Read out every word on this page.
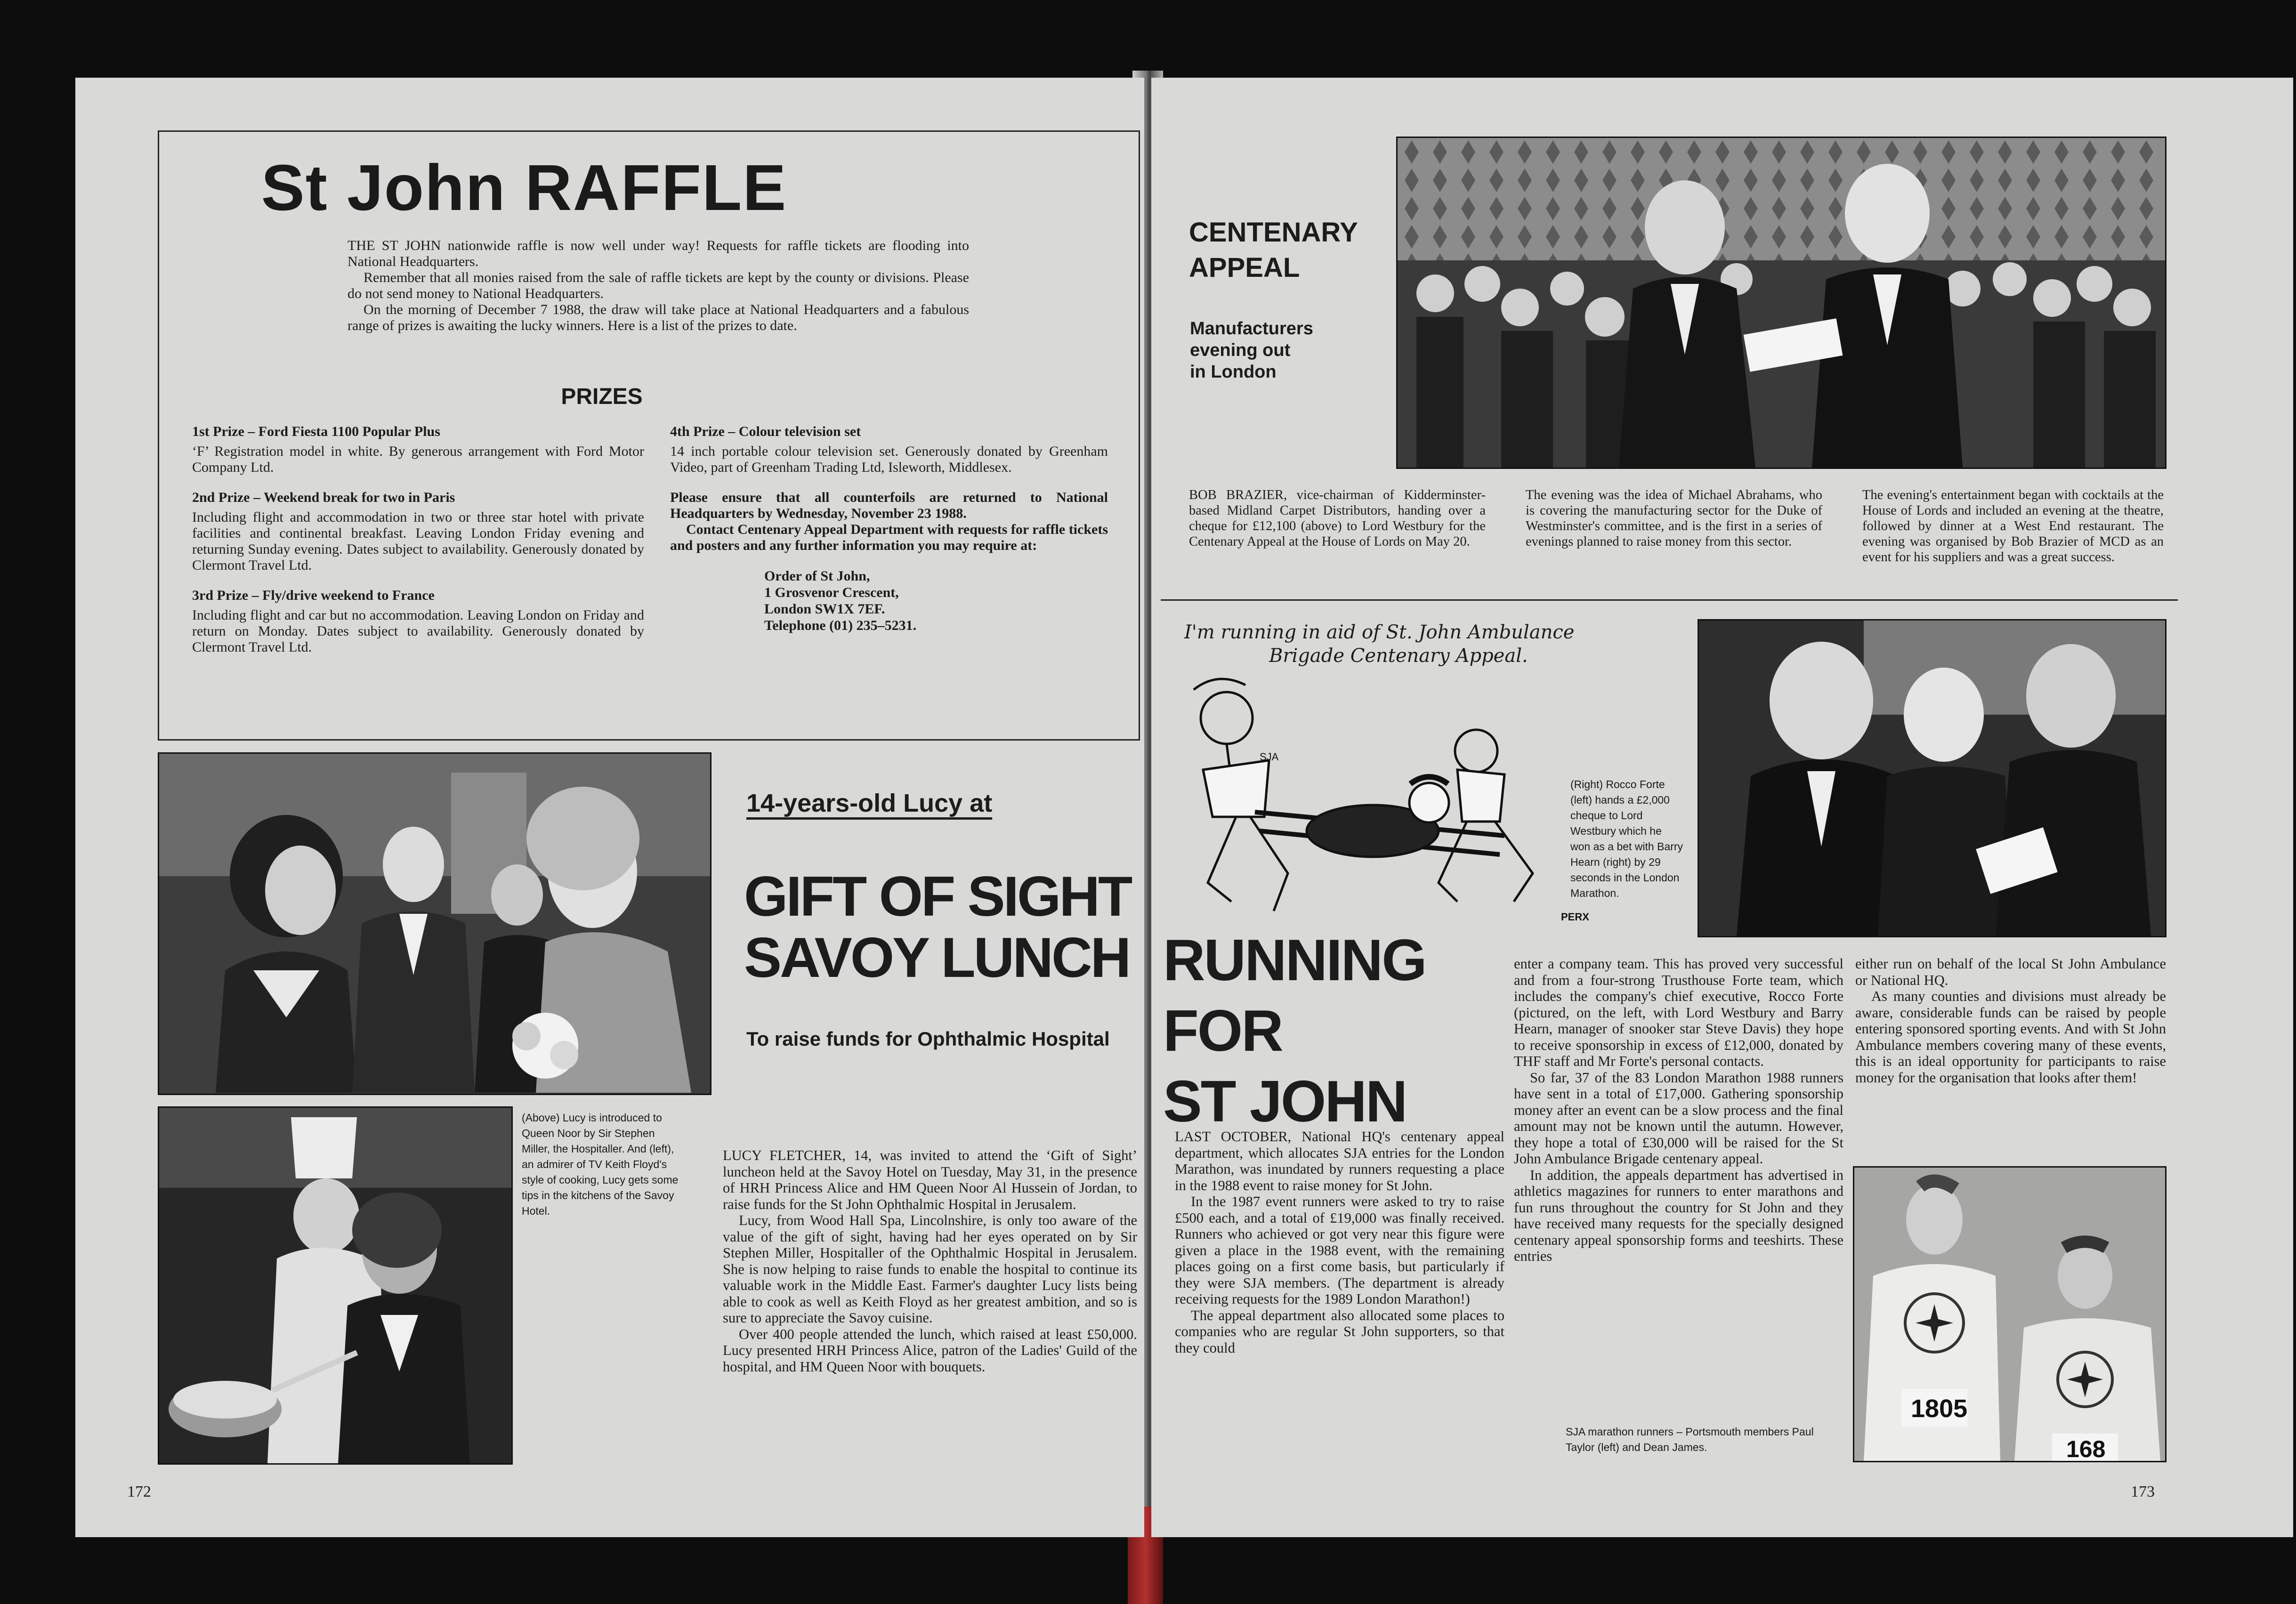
St John RAFFLE

THE ST JOHN nationwide raffle is now well under way! Requests for raffle tickets are flooding into National Headquarters.

Remember that all monies raised from the sale of raffle tickets are kept by the county or divisions. Please do not send money to National Headquarters.

On the morning of December 7 1988, the draw will take place at National Headquarters and a fabulous range of prizes is awaiting the lucky winners. Here is a list of the prizes to date.

PRIZES
1st Prize – Ford Fiesta 1100 Popular Plus
‘F’ Registration model in white. By generous arrangement with Ford Motor Company Ltd.
2nd Prize – Weekend break for two in Paris
Including flight and accommodation in two or three star hotel with private facilities and continental breakfast. Leaving London Friday evening and returning Sunday evening. Dates subject to availability. Generously donated by Clermont Travel Ltd.
3rd Prize – Fly/drive weekend to France
Including flight and car but no accommodation. Leaving London on Friday and return on Monday. Dates subject to availability. Generously donated by Clermont Travel Ltd.
4th Prize – Colour television set
14 inch portable colour television set. Generously donated by Greenham Video, part of Greenham Trading Ltd, Isleworth, Middlesex.
Please ensure that all counterfoils are returned to National Headquarters by Wednesday, November 23 1988.
Contact Centenary Appeal Department with requests for raffle tickets and posters and any further information you may require at:
Order of St John,
1 Grosvenor Crescent,
London SW1X 7EF.
Telephone (01) 235–5231.
(Above) Lucy is introduced to Queen Noor by Sir Stephen Miller, the Hospitaller. And (left), an admirer of TV Keith Floyd's style of cooking, Lucy gets some tips in the kitchens of the Savoy Hotel.
14-years-old Lucy at
GIFT OF SIGHT
SAVOY LUNCH
To raise funds for Ophthalmic Hospital

LUCY FLETCHER, 14, was invited to attend the ‘Gift of Sight’ luncheon held at the Savoy Hotel on Tuesday, May 31, in the presence of HRH Princess Alice and HM Queen Noor Al Hussein of Jordan, to raise funds for the St John Ophthalmic Hospital in Jerusalem.

Lucy, from Wood Hall Spa, Lincolnshire, is only too aware of the value of the gift of sight, having had her eyes operated on by Sir Stephen Miller, Hospitaller of the Ophthalmic Hospital in Jerusalem. She is now helping to raise funds to enable the hospital to continue its valuable work in the Middle East. Farmer's daughter Lucy lists being able to cook as well as Keith Floyd as her greatest ambition, and so is sure to appreciate the Savoy cuisine.

Over 400 people attended the lunch, which raised at least £50,000. Lucy presented HRH Princess Alice, patron of the Ladies' Guild of the hospital, and HM Queen Noor with bouquets.

172
CENTENARY
APPEAL
Manufacturers
evening out
in London

BOB BRAZIER, vice-chairman of Kidderminster-based Midland Carpet Distributors, handing over a cheque for £12,100 (above) to Lord Westbury for the Centenary Appeal at the House of Lords on May 20.

The evening was the idea of Michael Abrahams, who is covering the manufacturing sector for the Duke of Westminster's committee, and is the first in a series of evenings planned to raise money from this sector.

The evening's entertainment began with cocktails at the House of Lords and included an evening at the theatre, followed by dinner at a West End restaurant. The evening was organised by Bob Brazier of MCD as an event for his suppliers and was a great success.

I'm running in aid of St. John Ambulance
Brigade Centenary Appeal.
SJA
PERX
(Right) Rocco Forte (left) hands a £2,000 cheque to Lord Westbury which he won as a bet with Barry Hearn (right) by 29 seconds in the London Marathon.
RUNNING
FOR
ST JOHN

LAST OCTOBER, National HQ's centenary appeal department, which allocates SJA entries for the London Marathon, was inundated by runners requesting a place in the 1988 event to raise money for St John.

In the 1987 event runners were asked to try to raise £500 each, and a total of £19,000 was finally received. Runners who achieved or got very near this figure were given a place in the 1988 event, with the remaining places going on a first come basis, but particularly if they were SJA members. (The department is already receiving requests for the 1989 London Marathon!)

The appeal department also allocated some places to companies who are regular St John supporters, so that they could

enter a company team. This has proved very successful and from a four-strong Trusthouse Forte team, which includes the company's chief executive, Rocco Forte (pictured, on the left, with Lord Westbury and Barry Hearn, manager of snooker star Steve Davis) they hope to receive sponsorship in excess of £12,000, donated by THF staff and Mr Forte's personal contacts.

So far, 37 of the 83 London Marathon 1988 runners have sent in a total of £17,000. Gathering sponsorship money after an event can be a slow process and the final amount may not be known until the autumn. However, they hope a total of £30,000 will be raised for the St John Ambulance Brigade centenary appeal.

In addition, the appeals department has advertised in athletics magazines for runners to enter marathons and fun runs throughout the country for St John and they have received many requests for the specially designed centenary appeal sponsorship forms and teeshirts. These entries

either run on behalf of the local St John Ambulance or National HQ.

As many counties and divisions must already be aware, considerable funds can be raised by people entering sponsored sporting events. And with St John Ambulance members covering many of these events, this is an ideal opportunity for participants to raise money for the organisation that looks after them!

SJA marathon runners – Portsmouth members Paul Taylor (left) and Dean James.
1805
168
173
